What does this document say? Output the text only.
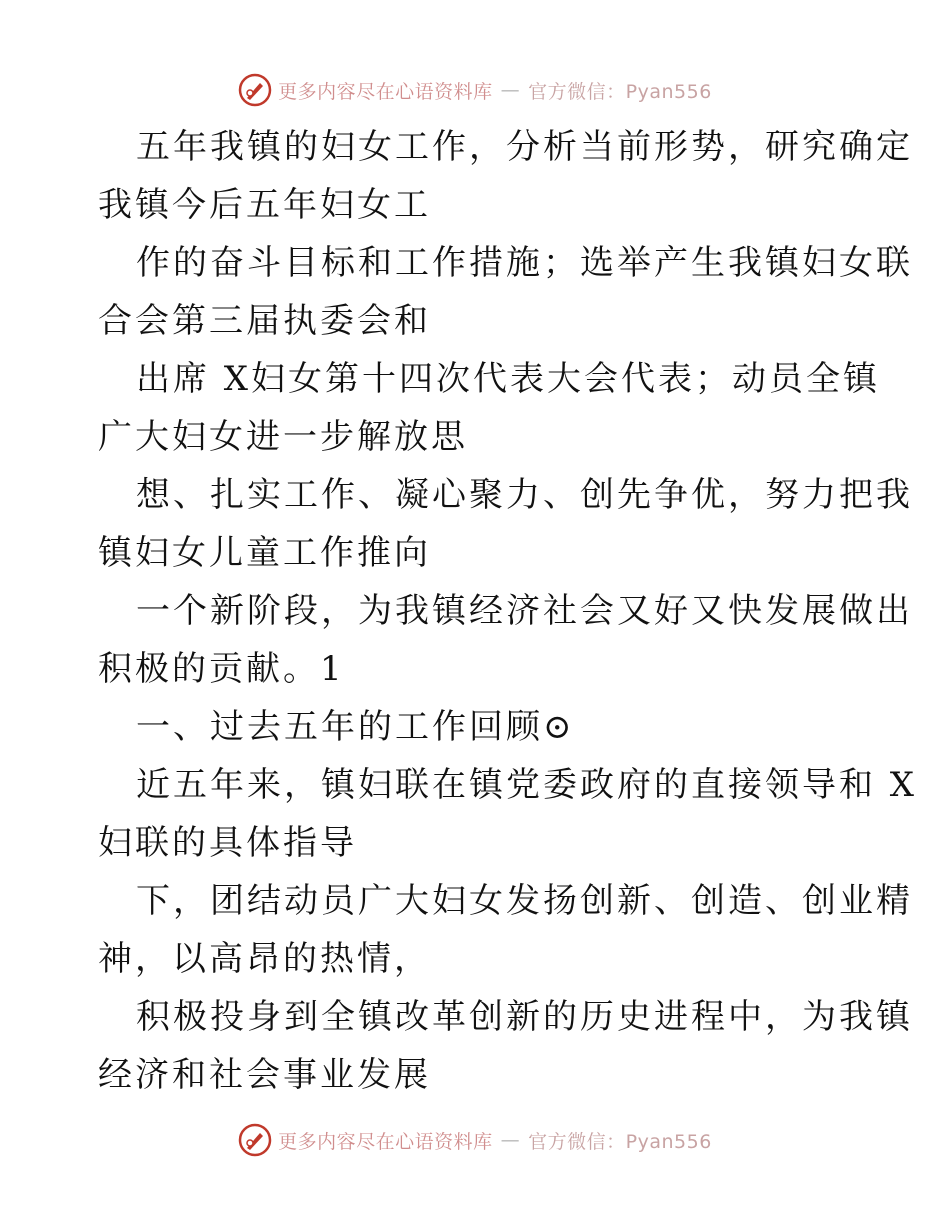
更多内容尽在心语资料库 — 官方微信：Pyan556

五年我镇的妇女工作，分析当前形势，研究确定

我镇今后五年妇女工

作的奋斗目标和工作措施；选举产生我镇妇女联

合会第三届执委会和

出席 X妇女第十四次代表大会代表；动员全镇

广大妇女进一步解放思

想、扎实工作、凝心聚力、创先争优，努力把我

镇妇女儿童工作推向

一个新阶段，为我镇经济社会又好又快发展做出

积极的贡献。1

一、过去五年的工作回顾⊙

近五年来，镇妇联在镇党委政府的直接领导和 X

妇联的具体指导

下，团结动员广大妇女发扬创新、创造、创业精

神，以高昂的热情，

积极投身到全镇改革创新的历史进程中，为我镇

经济和社会事业发展

更多内容尽在心语资料库 — 官方微信：Pyan556
